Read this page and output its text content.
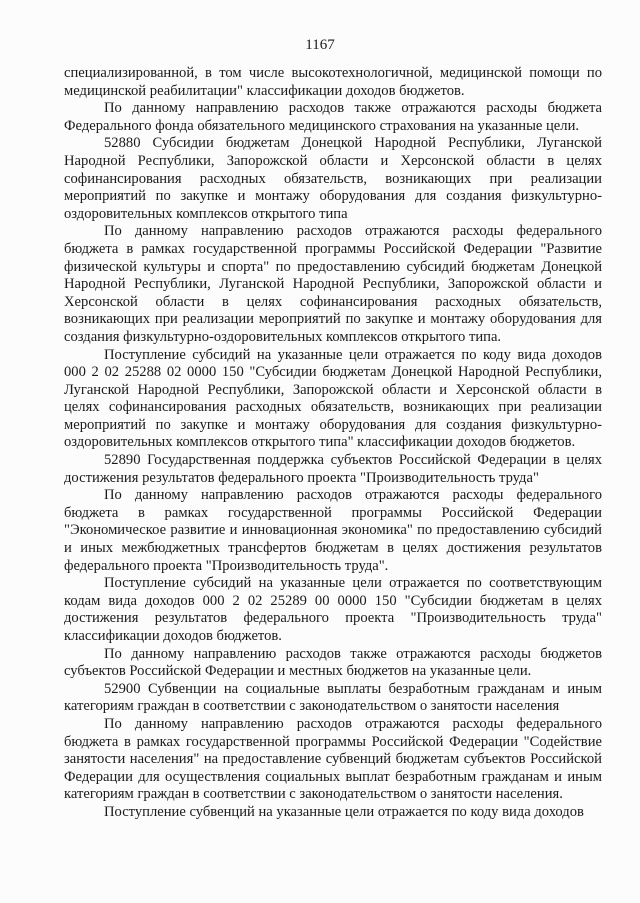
1167

специализированной, в том числе высокотехнологичной, медицинской помощи по медицинской реабилитации" классификации доходов бюджетов.

По данному направлению расходов также отражаются расходы бюджета Федерального фонда обязательного медицинского страхования на указанные цели.

52880 Субсидии бюджетам Донецкой Народной Республики, Луганской Народной Республики, Запорожской области и Херсонской области в целях софинансирования расходных обязательств, возникающих при реализации мероприятий по закупке и монтажу оборудования для создания физкультурно-оздоровительных комплексов открытого типа

По данному направлению расходов отражаются расходы федерального бюджета в рамках государственной программы Российской Федерации "Развитие физической культуры и спорта" по предоставлению субсидий бюджетам Донецкой Народной Республики, Луганской Народной Республики, Запорожской области и Херсонской области в целях софинансирования расходных обязательств, возникающих при реализации мероприятий по закупке и монтажу оборудования для создания физкультурно-оздоровительных комплексов открытого типа.

Поступление субсидий на указанные цели отражается по коду вида доходов 000 2 02 25288 02 0000 150 "Субсидии бюджетам Донецкой Народной Республики, Луганской Народной Республики, Запорожской области и Херсонской области в целях софинансирования расходных обязательств, возникающих при реализации мероприятий по закупке и монтажу оборудования для создания физкультурно-оздоровительных комплексов открытого типа" классификации доходов бюджетов.

52890 Государственная поддержка субъектов Российской Федерации в целях достижения результатов федерального проекта "Производительность труда"

По данному направлению расходов отражаются расходы федерального бюджета в рамках государственной программы Российской Федерации "Экономическое развитие и инновационная экономика" по предоставлению субсидий и иных межбюджетных трансфертов бюджетам в целях достижения результатов федерального проекта "Производительность труда".

Поступление субсидий на указанные цели отражается по соответствующим кодам вида доходов 000 2 02 25289 00 0000 150 "Субсидии бюджетам в целях достижения результатов федерального проекта "Производительность труда" классификации доходов бюджетов.

По данному направлению расходов также отражаются расходы бюджетов субъектов Российской Федерации и местных бюджетов на указанные цели.

52900 Субвенции на социальные выплаты безработным гражданам и иным категориям граждан в соответствии с законодательством о занятости населения

По данному направлению расходов отражаются расходы федерального бюджета в рамках государственной программы Российской Федерации "Содействие занятости населения" на предоставление субвенций бюджетам субъектов Российской Федерации для осуществления социальных выплат безработным гражданам и иным категориям граждан в соответствии с законодательством о занятости населения.

Поступление субвенций на указанные цели отражается по коду вида доходов
